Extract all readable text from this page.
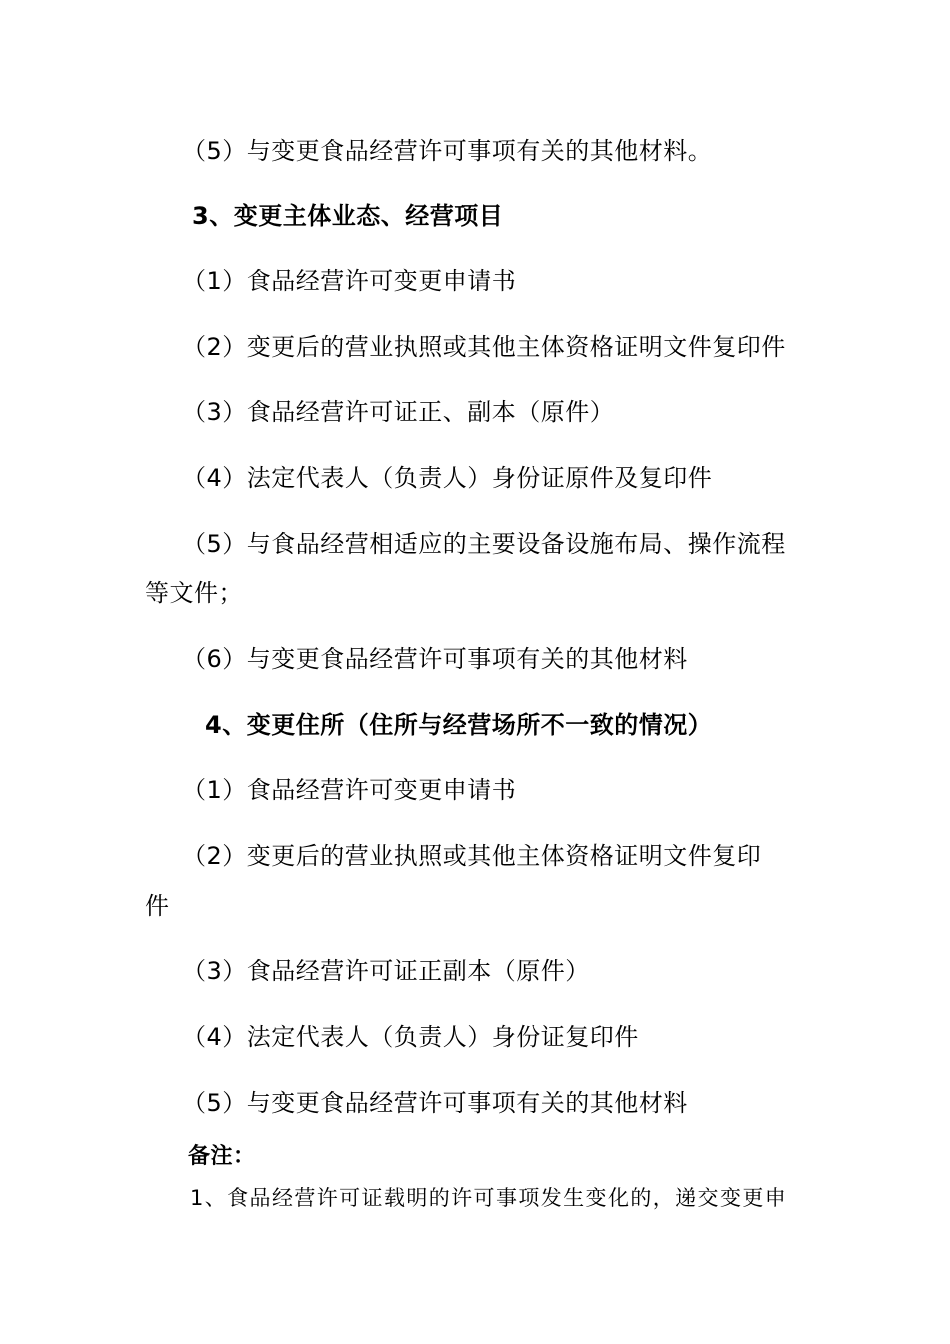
（5）与变更食品经营许可事项有关的其他材料。
3、变更主体业态、经营项目
（1）食品经营许可变更申请书
（2）变更后的营业执照或其他主体资格证明文件复印件
（3）食品经营许可证正、副本（原件）
（4）法定代表人（负责人）身份证原件及复印件
（5）与食品经营相适应的主要设备设施布局、操作流程
等文件；
（6）与变更食品经营许可事项有关的其他材料
4、变更住所（住所与经营场所不一致的情况）
（1）食品经营许可变更申请书
（2）变更后的营业执照或其他主体资格证明文件复印
件
（3）食品经营许可证正副本（原件）
（4）法定代表人（负责人）身份证复印件
（5）与变更食品经营许可事项有关的其他材料
备注：
1、食品经营许可证载明的许可事项发生变化的，递交变更申
